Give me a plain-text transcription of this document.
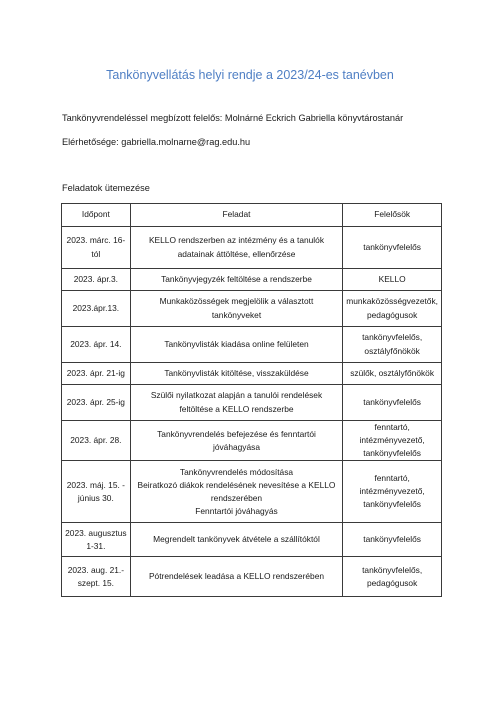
Tankönyvellátás helyi rendje a 2023/24-es tanévben
Tankönyvrendeléssel megbízott felelős: Molnárné Eckrich Gabriella könyvtárostanár
Elérhetősége: gabriella.molnarne@rag.edu.hu
Feladatok ütemezése
Időpont	Feladat	Felelősök

2023. márc. 16-
tól	KELLO rendszerben az intézmény és a tanulók
adatainak áttöltése, ellenőrzése	tankönyvfelelős

2023. ápr.3.	Tankönyvjegyzék feltöltése a rendszerbe	KELLO

2023.ápr.13.	Munkaközösségek megjelölik a választott
tankönyveket	munkaközösségvezetők,
pedagógusok

2023. ápr. 14.	Tankönyvlisták kiadása online felületen	tankönyvfelelős,
osztályfőnökök

2023. ápr. 21-ig	Tankönyvlisták kitöltése, visszaküldése	szülők, osztályfőnökök

2023. ápr. 25-ig	Szülői nyilatkozat alapján a tanulói rendelések
feltöltése a KELLO rendszerbe	tankönyvfelelős

2023. ápr. 28.	Tankönyvrendelés befejezése és fenntartói
jóváhagyása	fenntartó,
intézményvezető,
tankönyvfelelős

2023. máj. 15. -
június 30.	Tankönyvrendelés módosítása
Beiratkozó diákok rendelésének nevesítése a KELLO
rendszerében
Fenntartói jóváhagyás	fenntartó,
intézményvezető,
tankönyvfelelős

2023. augusztus
1-31.	Megrendelt tankönyvek átvétele a szállítóktól	tankönyvfelelős

2023. aug. 21.-
szept. 15.	Pótrendelések leadása a KELLO rendszerében	tankönyvfelelős,
pedagógusok
